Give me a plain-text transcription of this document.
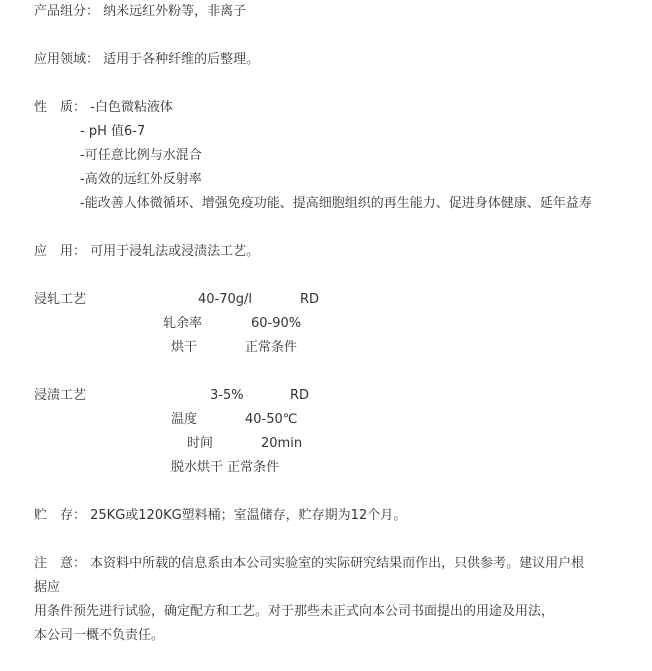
产品组分： 纳米远红外粉等，非离子
应用领域： 适用于各种纤维的后整理。
性　质： -白色微粘液体
- pH 值6-7
-可任意比例与水混合
-高效的远红外反射率
-能改善人体微循环、增强免疫功能、提高细胞组织的再生能力、促进身体健康、延年益寿
应　用： 可用于浸轧法或浸渍法工艺。
浸轧工艺	40-70g/l	RD
轧余率	60-90%
烘干	正常条件
浸渍工艺	3-5%	RD
温度	40-50℃
时间	20min
脱水烘干 正常条件
贮　存： 25KG或120KG塑料桶；室温储存，贮存期为12个月。
注　意： 本资料中所载的信息系由本公司实验室的实际研究结果而作出，只供参考。建议用户根
据应
用条件预先进行试验，确定配方和工艺。对于那些未正式向本公司书面提出的用途及用法，
本公司一概不负责任。
